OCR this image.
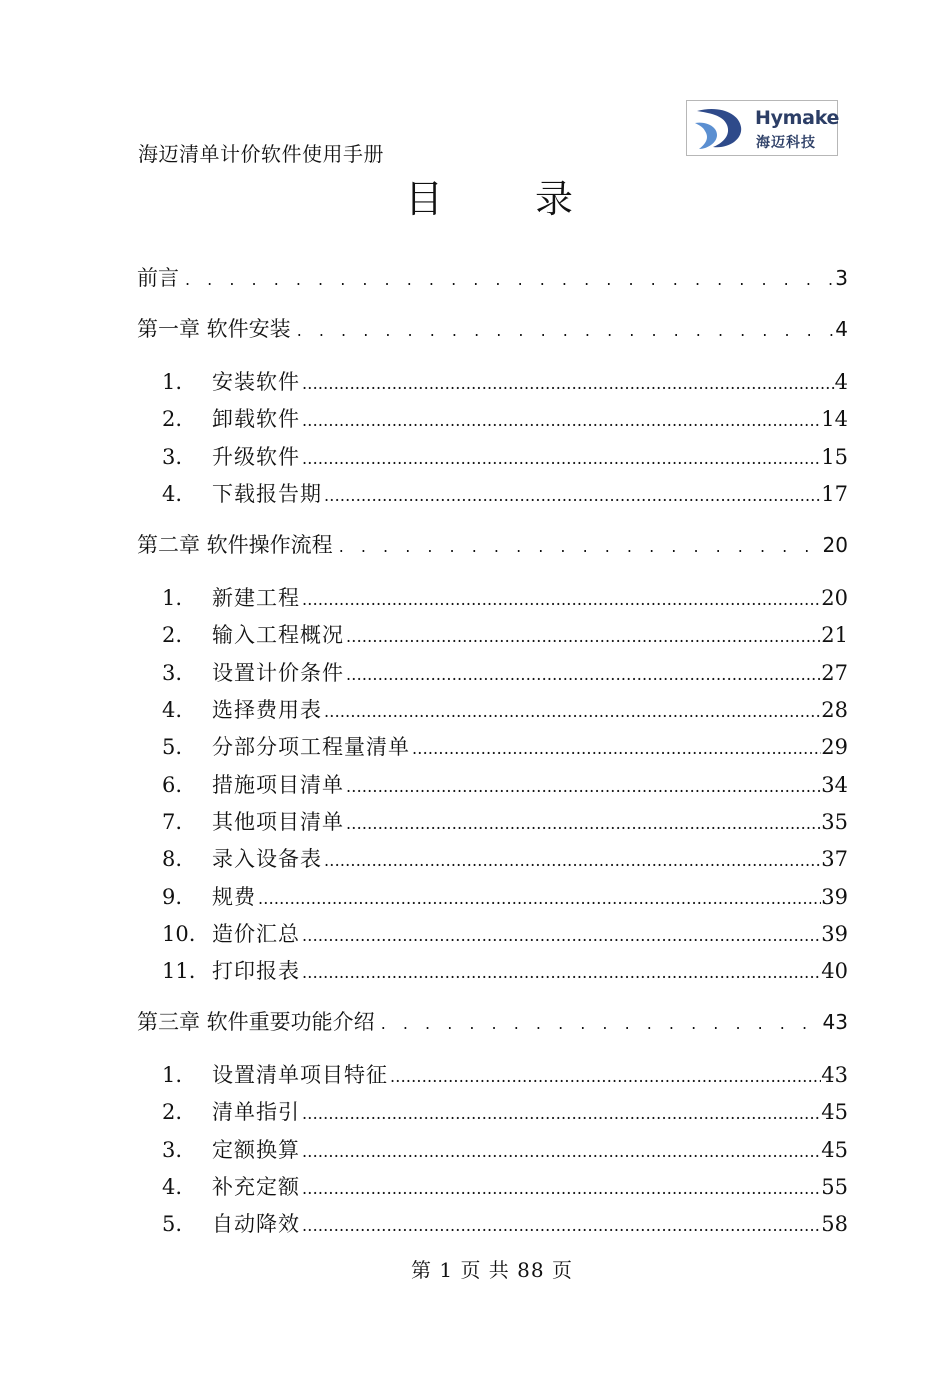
海迈清单计价软件使用手册
Hymake
海迈科技
目 录
前言 . . .	3
第一章 软件安装 . . .	4
1.	安装软件 .....	4
2.	卸载软件 .....	14
3.	升级软件 .....	15
4.	下载报告期 .....	17
第二章 软件操作流程 . . .	20
1.	新建工程 .....	20
2.	输入工程概况 .....	21
3.	设置计价条件 .....	27
4.	选择费用表 .....	28
5.	分部分项工程量清单 .....	29
6.	措施项目清单 .....	34
7.	其他项目清单 .....	35
8.	录入设备表 .....	37
9.	规费 .....	39
10. 造价汇总 .....	39
11. 打印报表 .....	40
第三章 软件重要功能介绍 . . .	43
1.	设置清单项目特征 .....	43
2.	清单指引 .....	45
3.	定额换算 .....	45
4.	补充定额 .....	55
5.	自动降效 .....	58
第 1 页 共 88 页
